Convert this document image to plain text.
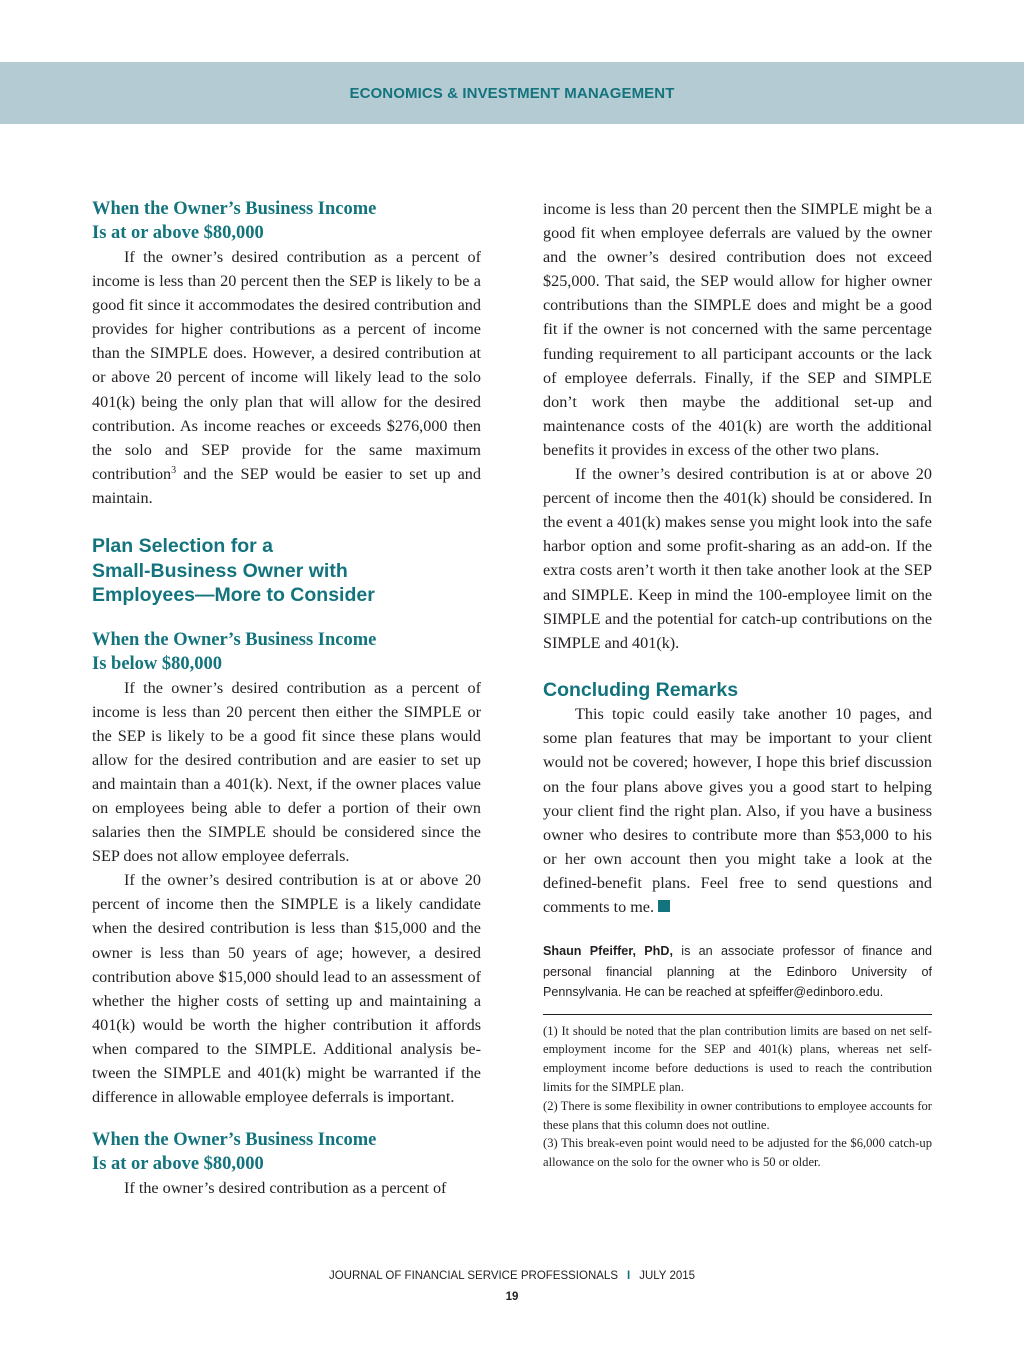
ECONOMICS & INVESTMENT MANAGEMENT
When the Owner’s Business Income
Is at or above $80,000

If the owner’s desired contribution as a percent of income is less than 20 percent then the SEP is likely to be a good fit since it accommodates the desired contribution and provides for higher contributions as a percent of income than the SIMPLE does. However, a desired contribution at or above 20 percent of income will likely lead to the solo 401(k) being the only plan that will allow for the desired contribution. As income reaches or exceeds $276,000 then the solo and SEP provide for the same maximum contribution$^3$ and the SEP would be easier to set up and maintain.

Plan Selection for a
Small-Business Owner with
Employees—More to Consider
When the Owner’s Business Income
Is below $80,000

If the owner’s desired contribution as a percent of income is less than 20 percent then either the SIMPLE or the SEP is likely to be a good fit since these plans would allow for the desired contribution and are easier to set up and maintain than a 401(k). Next, if the owner places value on employees being able to defer a portion of their own salaries then the SIMPLE should be considered since the SEP does not allow employee deferrals.

If the owner’s desired contribution is at or above 20 percent of income then the SIMPLE is a likely candidate when the desired contribution is less than $15,000 and the owner is less than 50 years of age; however, a desired contribution above $15,000 should lead to an assessment of whether the higher costs of setting up and maintaining a 401(k) would be worth the higher contribution it affords when compared to the SIMPLE. Additional analysis between the SIMPLE and 401(k) might be warranted if the difference in allowable employee deferrals is important.

When the Owner’s Business Income
Is at or above $80,000

If the owner’s desired contribution as a percent of

income is less than 20 percent then the SIMPLE might be a good fit when employee deferrals are valued by the owner and the owner’s desired contribution does not exceed $25,000. That said, the SEP would allow for higher owner contributions than the SIMPLE does and might be a good fit if the owner is not concerned with the same percentage funding requirement to all participant accounts or the lack of employee deferrals. Finally, if the SEP and SIMPLE don’t work then maybe the additional set-up and maintenance costs of the 401(k) are worth the additional benefits it provides in excess of the other two plans.

If the owner’s desired contribution is at or above 20 percent of income then the 401(k) should be considered. In the event a 401(k) makes sense you might look into the safe harbor option and some profit-sharing as an add-on. If the extra costs aren’t worth it then take another look at the SEP and SIMPLE. Keep in mind the 100-employee limit on the SIMPLE and the potential for catch-up contributions on the SIMPLE and 401(k).

Concluding Remarks

This topic could easily take another 10 pages, and some plan features that may be important to your client would not be covered; however, I hope this brief discussion on the four plans above gives you a good start to helping your client find the right plan. Also, if you have a business owner who desires to contribute more than $53,000 to his or her own account then you might take a look at the defined-benefit plans. Feel free to send questions and comments to me.

Shaun Pfeiffer, PhD, is an associate professor of finance and personal financial planning at the Edinboro University of Pennsylvania. He can be reached at spfeiffer@edinboro.edu.

(1) It should be noted that the plan contribution limits are based on net self-employment income for the SEP and 401(k) plans, whereas net self-employment income before deductions is used to reach the contribution limits for the SIMPLE plan.

(2) There is some flexibility in owner contributions to employee accounts for these plans that this column does not outline.

(3) This break-even point would need to be adjusted for the $6,000 catch-up allowance on the solo for the owner who is 50 or older.

JOURNAL OF FINANCIAL SERVICE PROFESSIONALS I JULY 2015
19
